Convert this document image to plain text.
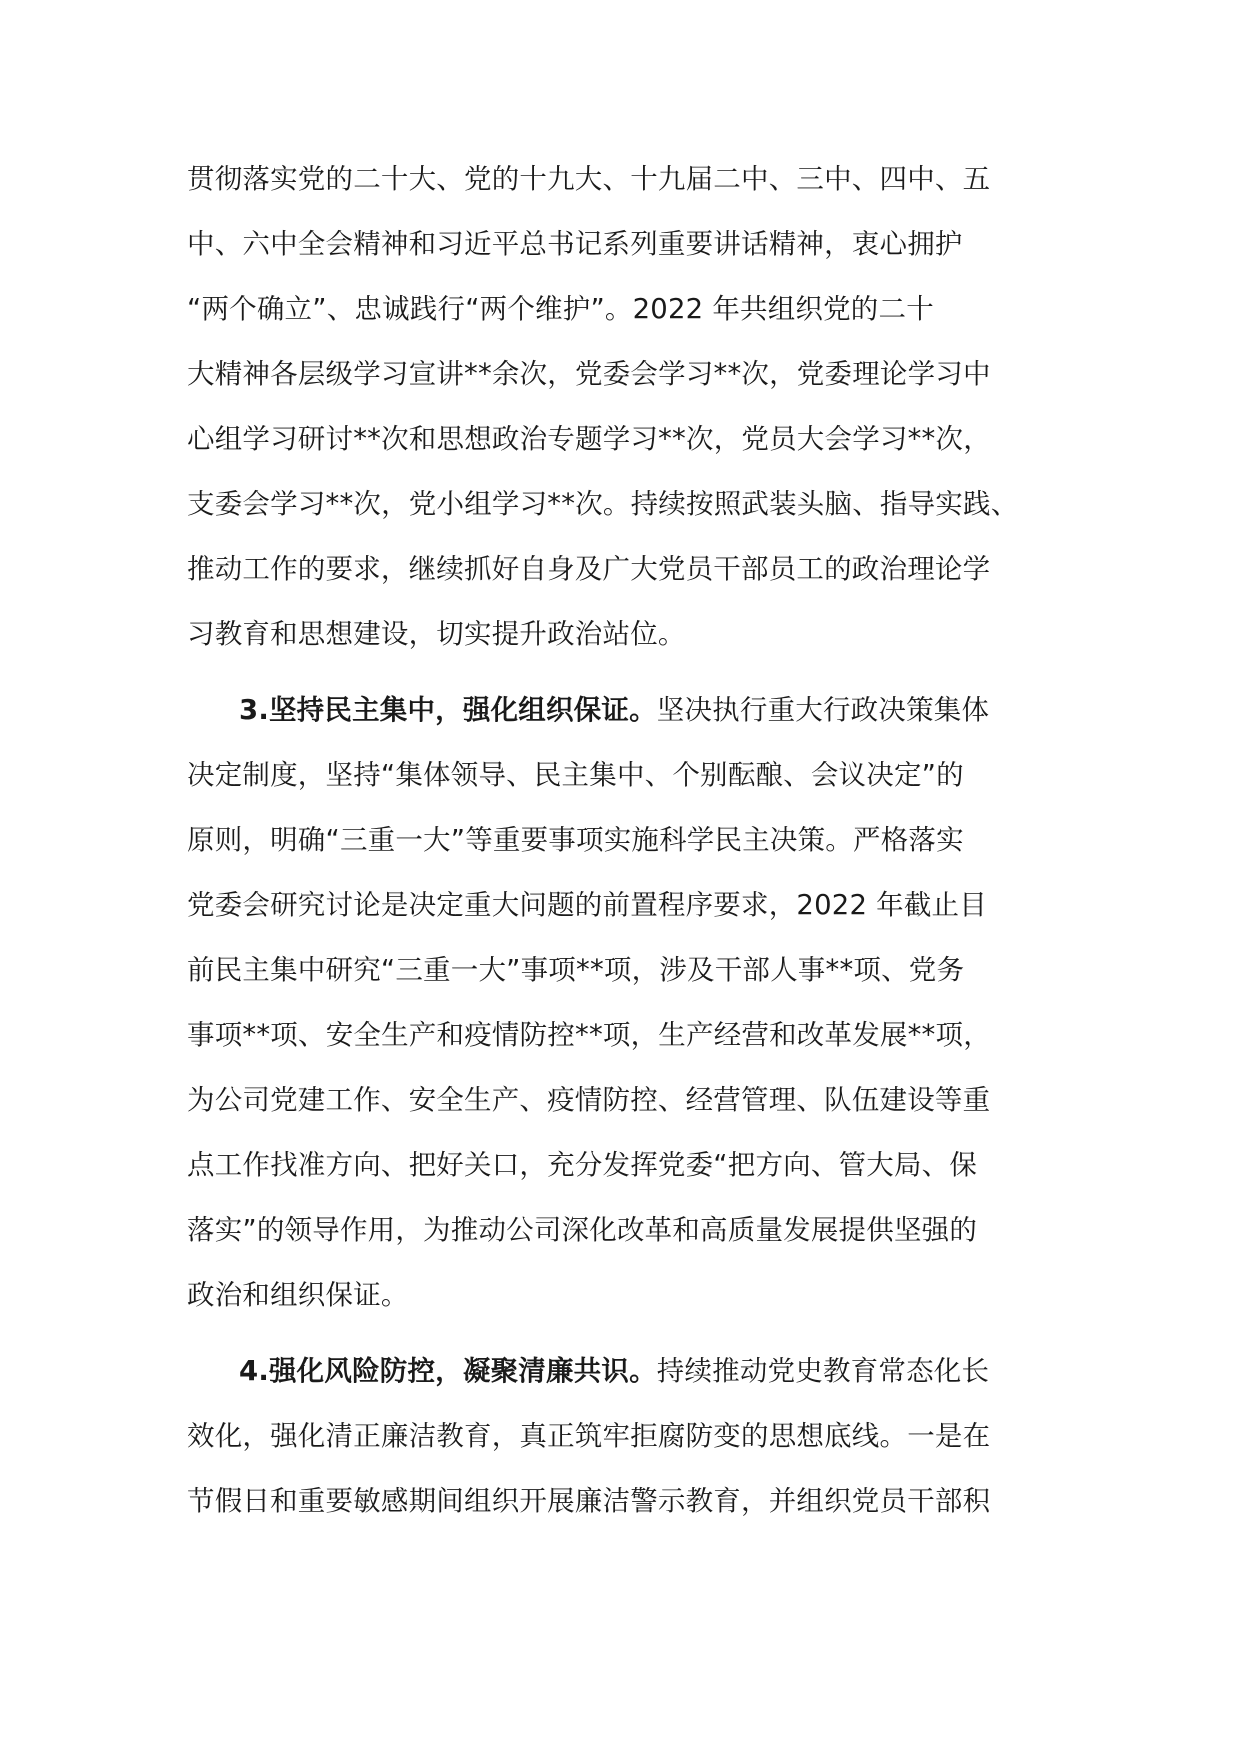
贯彻落实党的二十大、党的十九大、十九届二中、三中、四中、五
中、六中全会精神和习近平总书记系列重要讲话精神，衷心拥护
“两个确立”、忠诚践行“两个维护”。2022 年共组织党的二十
大精神各层级学习宣讲**余次，党委会学习**次，党委理论学习中
心组学习研讨**次和思想政治专题学习**次，党员大会学习**次，
支委会学习**次，党小组学习**次。持续按照武装头脑、指导实践、
推动工作的要求，继续抓好自身及广大党员干部员工的政治理论学
习教育和思想建设，切实提升政治站位。
3.坚持民主集中，强化组织保证。坚决执行重大行政决策集体
决定制度，坚持“集体领导、民主集中、个别酝酿、会议决定”的
原则，明确“三重一大”等重要事项实施科学民主决策。严格落实
党委会研究讨论是决定重大问题的前置程序要求，2022 年截止目
前民主集中研究“三重一大”事项**项，涉及干部人事**项、党务
事项**项、安全生产和疫情防控**项，生产经营和改革发展**项，
为公司党建工作、安全生产、疫情防控、经营管理、队伍建设等重
点工作找准方向、把好关口，充分发挥党委“把方向、管大局、保
落实”的领导作用，为推动公司深化改革和高质量发展提供坚强的
政治和组织保证。
4.强化风险防控，凝聚清廉共识。持续推动党史教育常态化长
效化，强化清正廉洁教育，真正筑牢拒腐防变的思想底线。一是在
节假日和重要敏感期间组织开展廉洁警示教育，并组织党员干部积
